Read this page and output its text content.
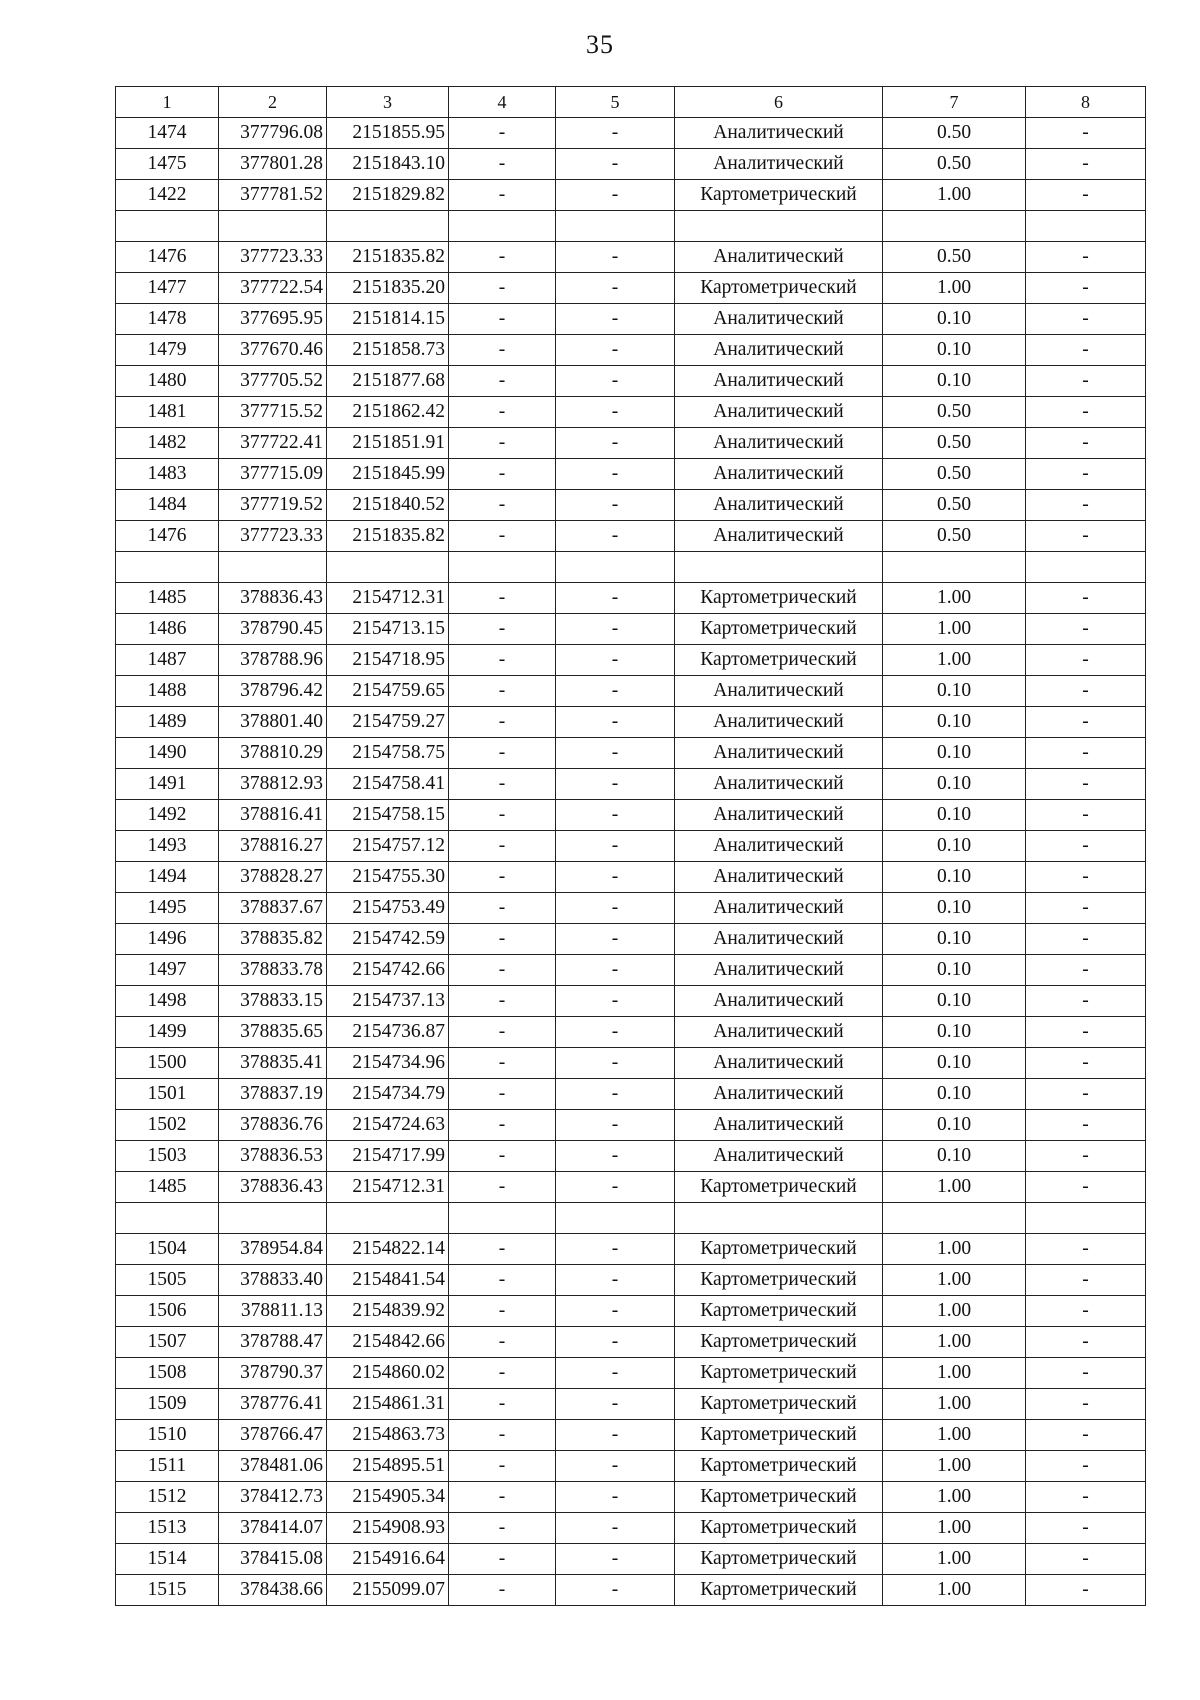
35
1	2	3	4	5	6	7	8
1474	377796.08	2151855.95	-	-	Аналитический	0.50	-
1475	377801.28	2151843.10	-	-	Аналитический	0.50	-
1422	377781.52	2151829.82	-	-	Картометрический	1.00	-

1476	377723.33	2151835.82	-	-	Аналитический	0.50	-
1477	377722.54	2151835.20	-	-	Картометрический	1.00	-
1478	377695.95	2151814.15	-	-	Аналитический	0.10	-
1479	377670.46	2151858.73	-	-	Аналитический	0.10	-
1480	377705.52	2151877.68	-	-	Аналитический	0.10	-
1481	377715.52	2151862.42	-	-	Аналитический	0.50	-
1482	377722.41	2151851.91	-	-	Аналитический	0.50	-
1483	377715.09	2151845.99	-	-	Аналитический	0.50	-
1484	377719.52	2151840.52	-	-	Аналитический	0.50	-
1476	377723.33	2151835.82	-	-	Аналитический	0.50	-

1485	378836.43	2154712.31	-	-	Картометрический	1.00	-
1486	378790.45	2154713.15	-	-	Картометрический	1.00	-
1487	378788.96	2154718.95	-	-	Картометрический	1.00	-
1488	378796.42	2154759.65	-	-	Аналитический	0.10	-
1489	378801.40	2154759.27	-	-	Аналитический	0.10	-
1490	378810.29	2154758.75	-	-	Аналитический	0.10	-
1491	378812.93	2154758.41	-	-	Аналитический	0.10	-
1492	378816.41	2154758.15	-	-	Аналитический	0.10	-
1493	378816.27	2154757.12	-	-	Аналитический	0.10	-
1494	378828.27	2154755.30	-	-	Аналитический	0.10	-
1495	378837.67	2154753.49	-	-	Аналитический	0.10	-
1496	378835.82	2154742.59	-	-	Аналитический	0.10	-
1497	378833.78	2154742.66	-	-	Аналитический	0.10	-
1498	378833.15	2154737.13	-	-	Аналитический	0.10	-
1499	378835.65	2154736.87	-	-	Аналитический	0.10	-
1500	378835.41	2154734.96	-	-	Аналитический	0.10	-
1501	378837.19	2154734.79	-	-	Аналитический	0.10	-
1502	378836.76	2154724.63	-	-	Аналитический	0.10	-
1503	378836.53	2154717.99	-	-	Аналитический	0.10	-
1485	378836.43	2154712.31	-	-	Картометрический	1.00	-

1504	378954.84	2154822.14	-	-	Картометрический	1.00	-
1505	378833.40	2154841.54	-	-	Картометрический	1.00	-
1506	378811.13	2154839.92	-	-	Картометрический	1.00	-
1507	378788.47	2154842.66	-	-	Картометрический	1.00	-
1508	378790.37	2154860.02	-	-	Картометрический	1.00	-
1509	378776.41	2154861.31	-	-	Картометрический	1.00	-
1510	378766.47	2154863.73	-	-	Картометрический	1.00	-
1511	378481.06	2154895.51	-	-	Картометрический	1.00	-
1512	378412.73	2154905.34	-	-	Картометрический	1.00	-
1513	378414.07	2154908.93	-	-	Картометрический	1.00	-
1514	378415.08	2154916.64	-	-	Картометрический	1.00	-
1515	378438.66	2155099.07	-	-	Картометрический	1.00	-
